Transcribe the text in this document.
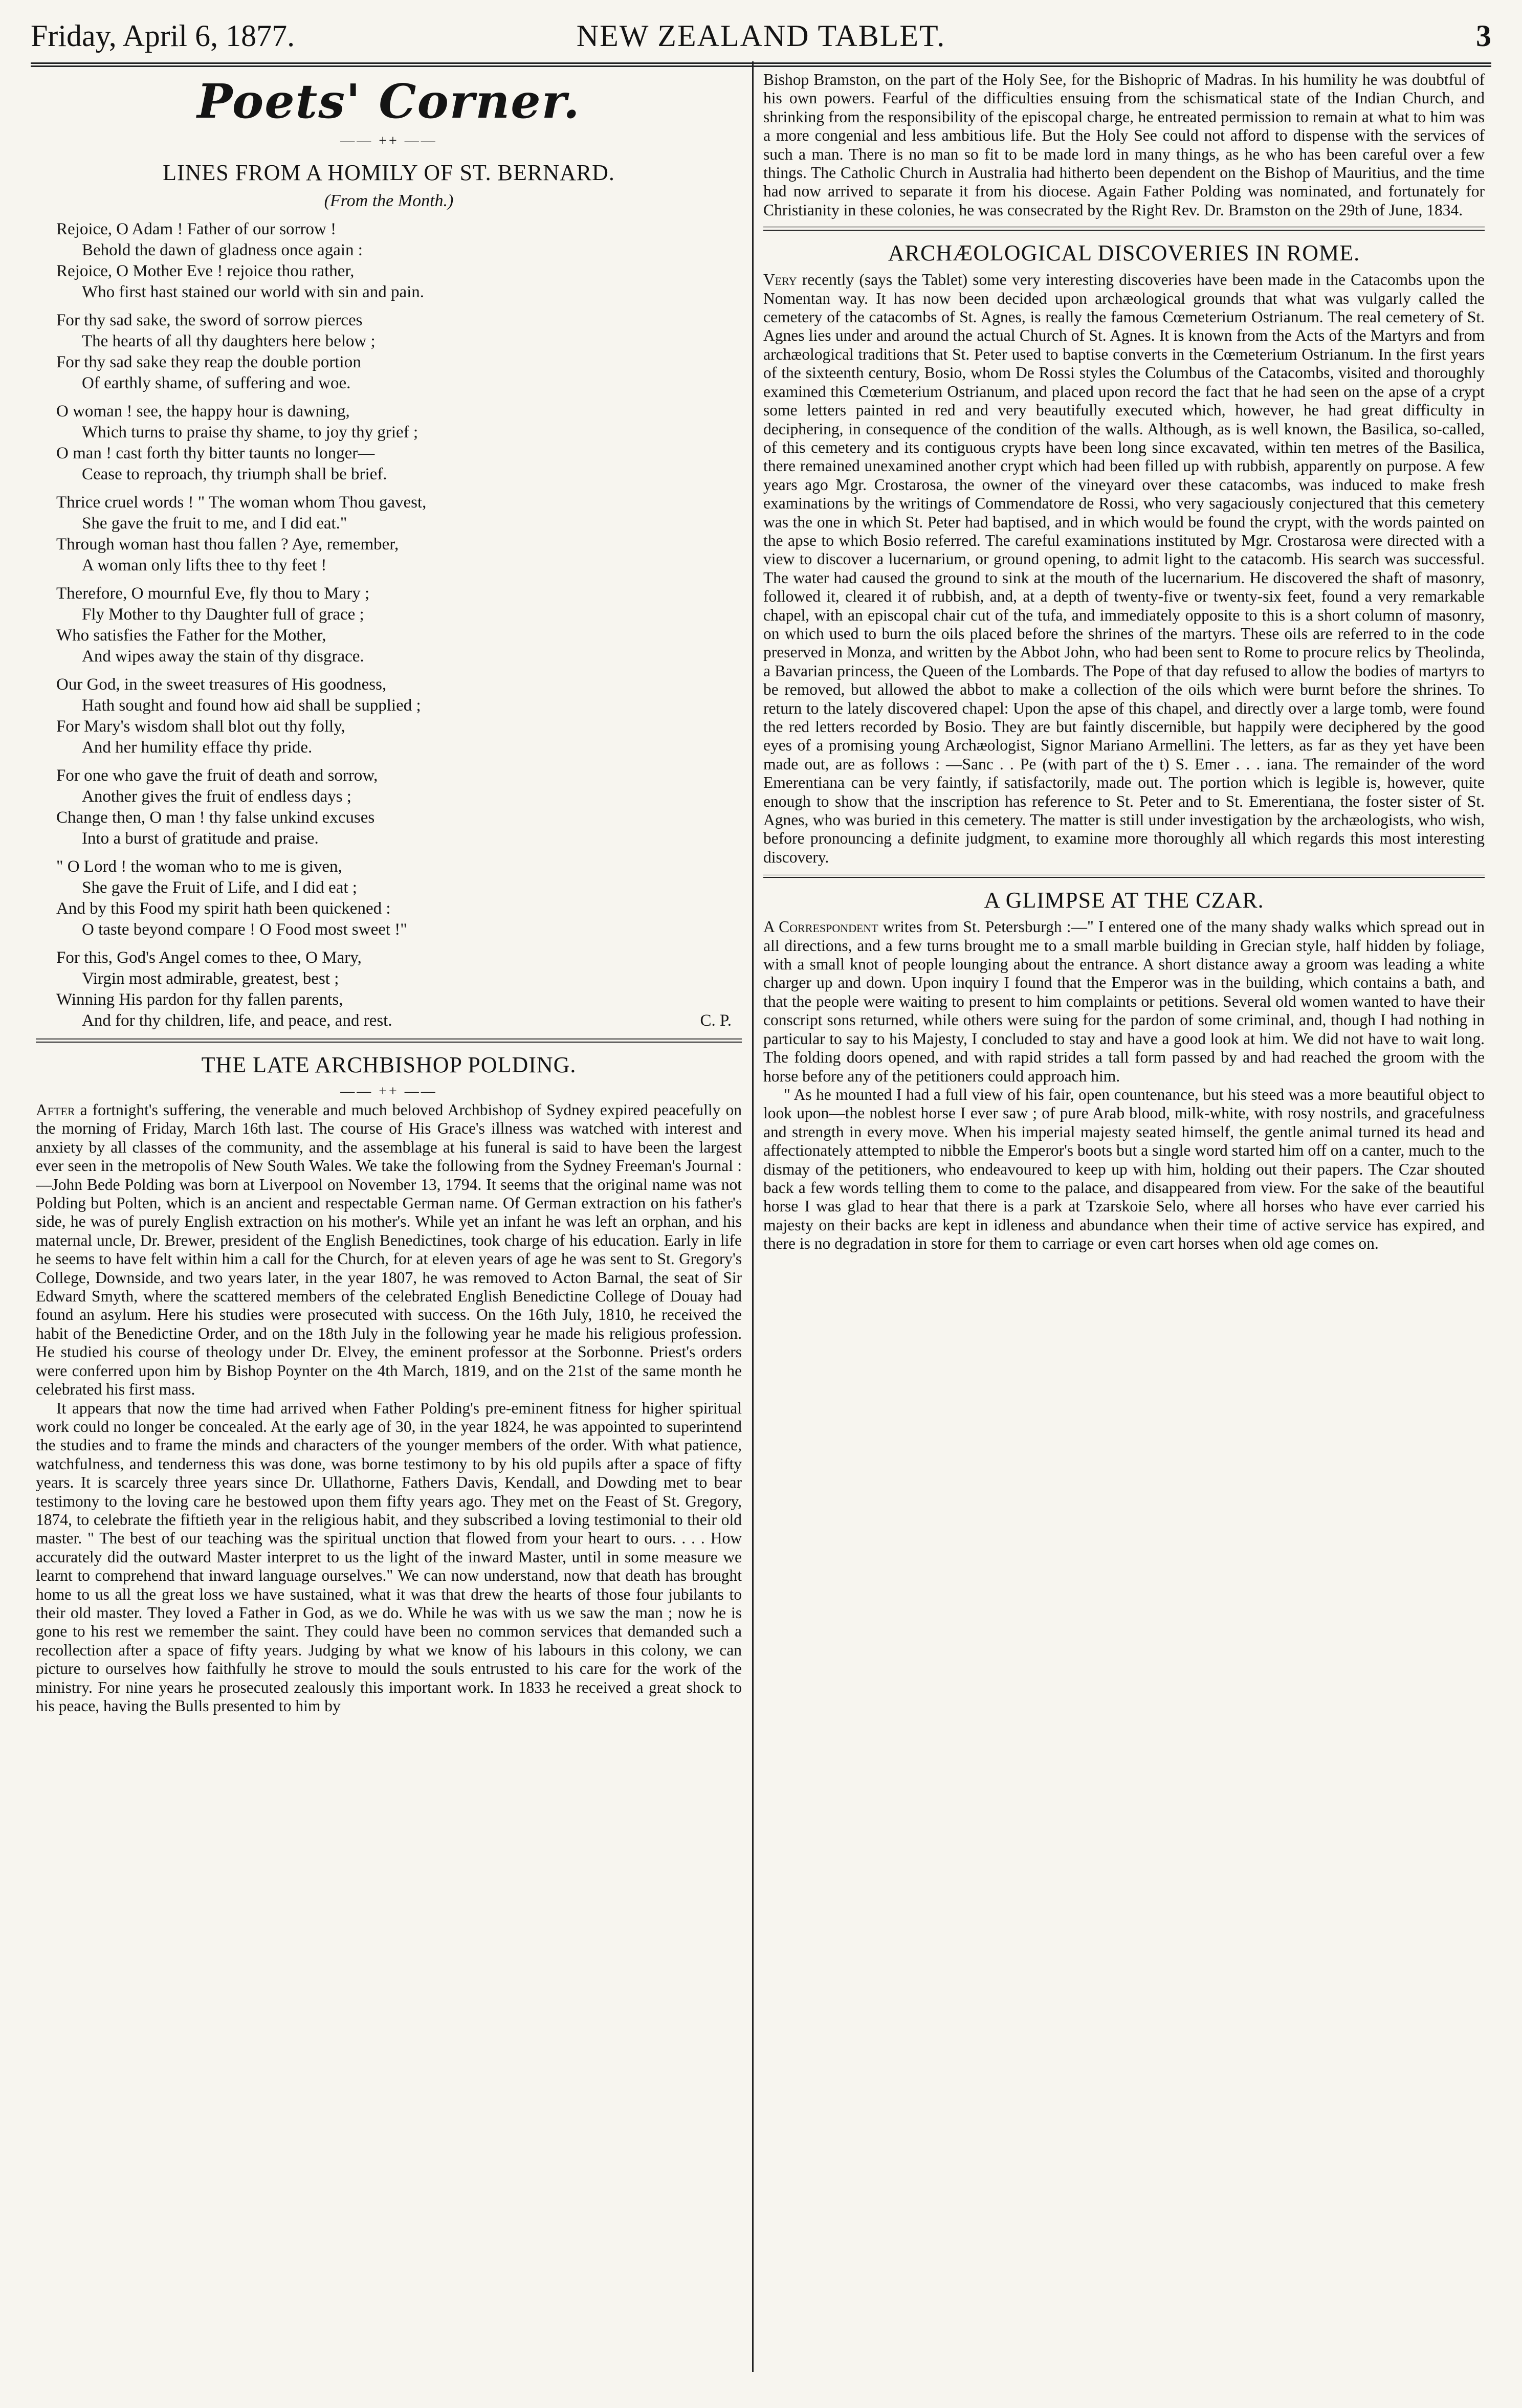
Friday, April 6, 1877.	NEW ZEALAND TABLET.	3

Poets' Corner.

—— ++ ——

LINES FROM A HOMILY OF ST. BERNARD.

(From the Month.)

Rejoice, O Adam ! Father of our sorrow !

Behold the dawn of gladness once again :

Rejoice, O Mother Eve ! rejoice thou rather,

Who first hast stained our world with sin and pain.

For thy sad sake, the sword of sorrow pierces

The hearts of all thy daughters here below ;

For thy sad sake they reap the double portion

Of earthly shame, of suffering and woe.

O woman ! see, the happy hour is dawning,

Which turns to praise thy shame, to joy thy grief ;

O man ! cast forth thy bitter taunts no longer—

Cease to reproach, thy triumph shall be brief.

Thrice cruel words ! " The woman whom Thou gavest,

She gave the fruit to me, and I did eat."

Through woman hast thou fallen ? Aye, remember,

A woman only lifts thee to thy feet !

Therefore, O mournful Eve, fly thou to Mary ;

Fly Mother to thy Daughter full of grace ;

Who satisfies the Father for the Mother,

And wipes away the stain of thy disgrace.

Our God, in the sweet treasures of His goodness,

Hath sought and found how aid shall be supplied ;

For Mary's wisdom shall blot out thy folly,

And her humility efface thy pride.

For one who gave the fruit of death and sorrow,

Another gives the fruit of endless days ;

Change then, O man ! thy false unkind excuses

Into a burst of gratitude and praise.

" O Lord ! the woman who to me is given,

She gave the Fruit of Life, and I did eat ;

And by this Food my spirit hath been quickened :

O taste beyond compare ! O Food most sweet !"

For this, God's Angel comes to thee, O Mary,

Virgin most admirable, greatest, best ;

Winning His pardon for thy fallen parents,

And for thy children, life, and peace, and rest.	C. P.

THE LATE ARCHBISHOP POLDING.

—— ++ ——

After a fortnight's suffering, the venerable and much beloved Archbishop of Sydney expired peacefully on the morning of Friday, March 16th last. The course of His Grace's illness was watched with interest and anxiety by all classes of the community, and the assemblage at his funeral is said to have been the largest ever seen in the metropolis of New South Wales. We take the following from the Sydney Freeman's Journal :—John Bede Polding was born at Liverpool on November 13, 1794. It seems that the original name was not Polding but Polten, which is an ancient and respectable German name. Of German extraction on his father's side, he was of purely English extraction on his mother's. While yet an infant he was left an orphan, and his maternal uncle, Dr. Brewer, president of the English Benedictines, took charge of his education. Early in life he seems to have felt within him a call for the Church, for at eleven years of age he was sent to St. Gregory's College, Downside, and two years later, in the year 1807, he was removed to Acton Barnal, the seat of Sir Edward Smyth, where the scattered members of the celebrated English Benedictine College of Douay had found an asylum. Here his studies were prosecuted with success. On the 16th July, 1810, he received the habit of the Benedictine Order, and on the 18th July in the following year he made his religious profession. He studied his course of theology under Dr. Elvey, the eminent professor at the Sorbonne. Priest's orders were conferred upon him by Bishop Poynter on the 4th March, 1819, and on the 21st of the same month he celebrated his first mass.

It appears that now the time had arrived when Father Polding's pre-eminent fitness for higher spiritual work could no longer be concealed. At the early age of 30, in the year 1824, he was appointed to superintend the studies and to frame the minds and characters of the younger members of the order. With what patience, watchfulness, and tenderness this was done, was borne testimony to by his old pupils after a space of fifty years. It is scarcely three years since Dr. Ullathorne, Fathers Davis, Kendall, and Dowding met to bear testimony to the loving care he bestowed upon them fifty years ago. They met on the Feast of St. Gregory, 1874, to celebrate the fiftieth year in the religious habit, and they subscribed a loving testimonial to their old master. " The best of our teaching was the spiritual unction that flowed from your heart to ours. . . . How accurately did the outward Master interpret to us the light of the inward Master, until in some measure we learnt to comprehend that inward language ourselves." We can now understand, now that death has brought home to us all the great loss we have sustained, what it was that drew the hearts of those four jubilants to their old master. They loved a Father in God, as we do. While he was with us we saw the man ; now he is gone to his rest we remember the saint. They could have been no common services that demanded such a recollection after a space of fifty years. Judging by what we know of his labours in this colony, we can picture to ourselves how faithfully he strove to mould the souls entrusted to his care for the work of the ministry. For nine years he prosecuted zealously this important work. In 1833 he received a great shock to his peace, having the Bulls presented to him by

Bishop Bramston, on the part of the Holy See, for the Bishopric of Madras. In his humility he was doubtful of his own powers. Fearful of the difficulties ensuing from the schismatical state of the Indian Church, and shrinking from the responsibility of the episcopal charge, he entreated permission to remain at what to him was a more congenial and less ambitious life. But the Holy See could not afford to dispense with the services of such a man. There is no man so fit to be made lord in many things, as he who has been careful over a few things. The Catholic Church in Australia had hitherto been dependent on the Bishop of Mauritius, and the time had now arrived to separate it from his diocese. Again Father Polding was nominated, and fortunately for Christianity in these colonies, he was consecrated by the Right Rev. Dr. Bramston on the 29th of June, 1834.

ARCHÆOLOGICAL DISCOVERIES IN ROME.

Very recently (says the Tablet) some very interesting discoveries have been made in the Catacombs upon the Nomentan way. It has now been decided upon archæological grounds that what was vulgarly called the cemetery of the catacombs of St. Agnes, is really the famous Cœmeterium Ostrianum. The real cemetery of St. Agnes lies under and around the actual Church of St. Agnes. It is known from the Acts of the Martyrs and from archæological traditions that St. Peter used to baptise converts in the Cœmeterium Ostrianum. In the first years of the sixteenth century, Bosio, whom De Rossi styles the Columbus of the Catacombs, visited and thoroughly examined this Cœmeterium Ostrianum, and placed upon record the fact that he had seen on the apse of a crypt some letters painted in red and very beautifully executed which, however, he had great difficulty in deciphering, in consequence of the condition of the walls. Although, as is well known, the Basilica, so-called, of this cemetery and its contiguous crypts have been long since excavated, within ten metres of the Basilica, there remained unexamined another crypt which had been filled up with rubbish, apparently on purpose. A few years ago Mgr. Crostarosa, the owner of the vineyard over these catacombs, was induced to make fresh examinations by the writings of Commendatore de Rossi, who very sagaciously conjectured that this cemetery was the one in which St. Peter had baptised, and in which would be found the crypt, with the words painted on the apse to which Bosio referred. The careful examinations instituted by Mgr. Crostarosa were directed with a view to discover a lucernarium, or ground opening, to admit light to the catacomb. His search was successful. The water had caused the ground to sink at the mouth of the lucernarium. He discovered the shaft of masonry, followed it, cleared it of rubbish, and, at a depth of twenty-five or twenty-six feet, found a very remarkable chapel, with an episcopal chair cut of the tufa, and immediately opposite to this is a short column of masonry, on which used to burn the oils placed before the shrines of the martyrs. These oils are referred to in the code preserved in Monza, and written by the Abbot John, who had been sent to Rome to procure relics by Theolinda, a Bavarian princess, the Queen of the Lombards. The Pope of that day refused to allow the bodies of martyrs to be removed, but allowed the abbot to make a collection of the oils which were burnt before the shrines. To return to the lately discovered chapel: Upon the apse of this chapel, and directly over a large tomb, were found the red letters recorded by Bosio. They are but faintly discernible, but happily were deciphered by the good eyes of a promising young Archæologist, Signor Mariano Armellini. The letters, as far as they yet have been made out, are as follows : —Sanc . . Pe (with part of the t) S. Emer . . . iana. The remainder of the word Emerentiana can be very faintly, if satisfactorily, made out. The portion which is legible is, however, quite enough to show that the inscription has reference to St. Peter and to St. Emerentiana, the foster sister of St. Agnes, who was buried in this cemetery. The matter is still under investigation by the archæologists, who wish, before pronouncing a definite judgment, to examine more thoroughly all which regards this most interesting discovery.

A GLIMPSE AT THE CZAR.

A Correspondent writes from St. Petersburgh :—" I entered one of the many shady walks which spread out in all directions, and a few turns brought me to a small marble building in Grecian style, half hidden by foliage, with a small knot of people lounging about the entrance. A short distance away a groom was leading a white charger up and down. Upon inquiry I found that the Emperor was in the building, which contains a bath, and that the people were waiting to present to him complaints or petitions. Several old women wanted to have their conscript sons returned, while others were suing for the pardon of some criminal, and, though I had nothing in particular to say to his Majesty, I concluded to stay and have a good look at him. We did not have to wait long. The folding doors opened, and with rapid strides a tall form passed by and had reached the groom with the horse before any of the petitioners could approach him.

" As he mounted I had a full view of his fair, open countenance, but his steed was a more beautiful object to look upon—the noblest horse I ever saw ; of pure Arab blood, milk-white, with rosy nostrils, and gracefulness and strength in every move. When his imperial majesty seated himself, the gentle animal turned its head and affectionately attempted to nibble the Emperor's boots but a single word started him off on a canter, much to the dismay of the petitioners, who endeavoured to keep up with him, holding out their papers. The Czar shouted back a few words telling them to come to the palace, and disappeared from view. For the sake of the beautiful horse I was glad to hear that there is a park at Tzarskoie Selo, where all horses who have ever carried his majesty on their backs are kept in idleness and abundance when their time of active service has expired, and there is no degradation in store for them to carriage or even cart horses when old age comes on.
